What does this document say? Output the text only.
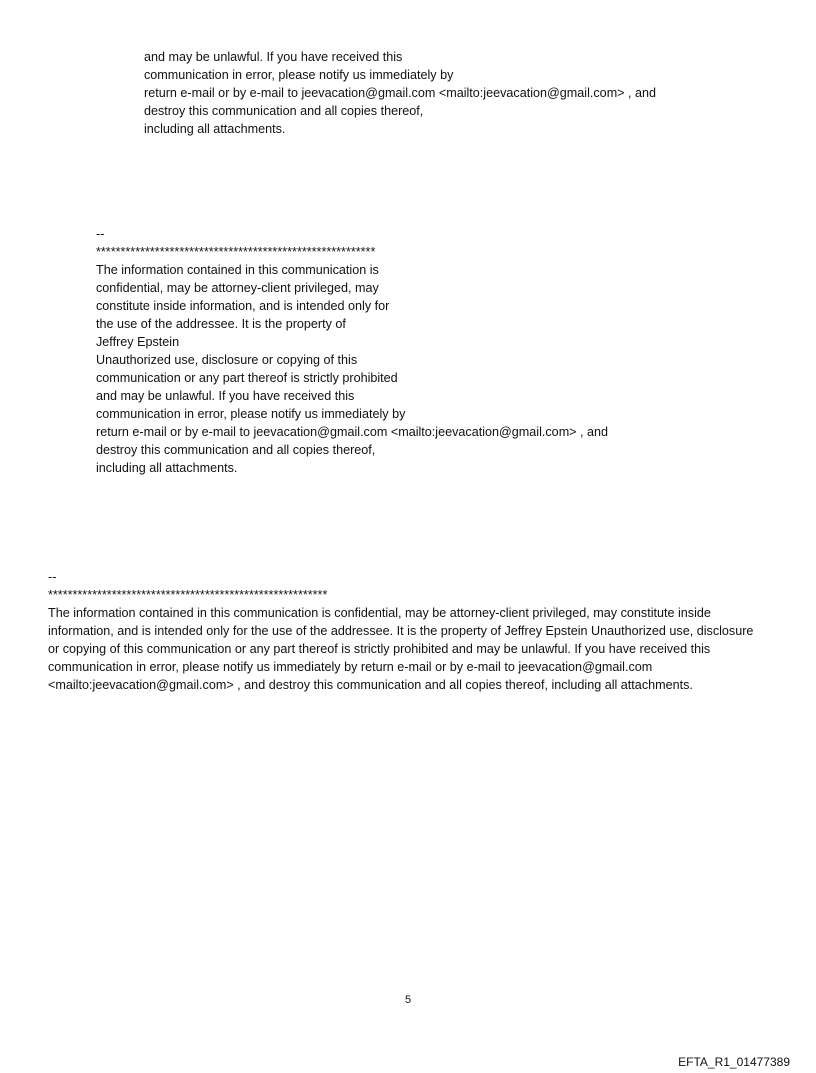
and may be unlawful. If you have received this
communication in error, please notify us immediately by
return e-mail or by e-mail to jeevacation@gmail.com <mailto:jeevacation@gmail.com> , and
destroy this communication and all copies thereof,
including all attachments.
--
*********************************************************
The information contained in this communication is
confidential, may be attorney-client privileged, may
constitute inside information, and is intended only for
the use of the addressee. It is the property of
Jeffrey Epstein
Unauthorized use, disclosure or copying of this
communication or any part thereof is strictly prohibited
and may be unlawful. If you have received this
communication in error, please notify us immediately by
return e-mail or by e-mail to jeevacation@gmail.com <mailto:jeevacation@gmail.com> , and
destroy this communication and all copies thereof,
including all attachments.
--
*********************************************************
The information contained in this communication is confidential, may be attorney-client privileged, may constitute inside information, and is intended only for the use of the addressee. It is the property of Jeffrey Epstein Unauthorized use, disclosure or copying of this communication or any part thereof is strictly prohibited and may be unlawful. If you have received this communication in error, please notify us immediately by return e-mail or by e-mail to jeevacation@gmail.com <mailto:jeevacation@gmail.com> , and destroy this communication and all copies thereof, including all attachments.
5
EFTA_R1_01477389
